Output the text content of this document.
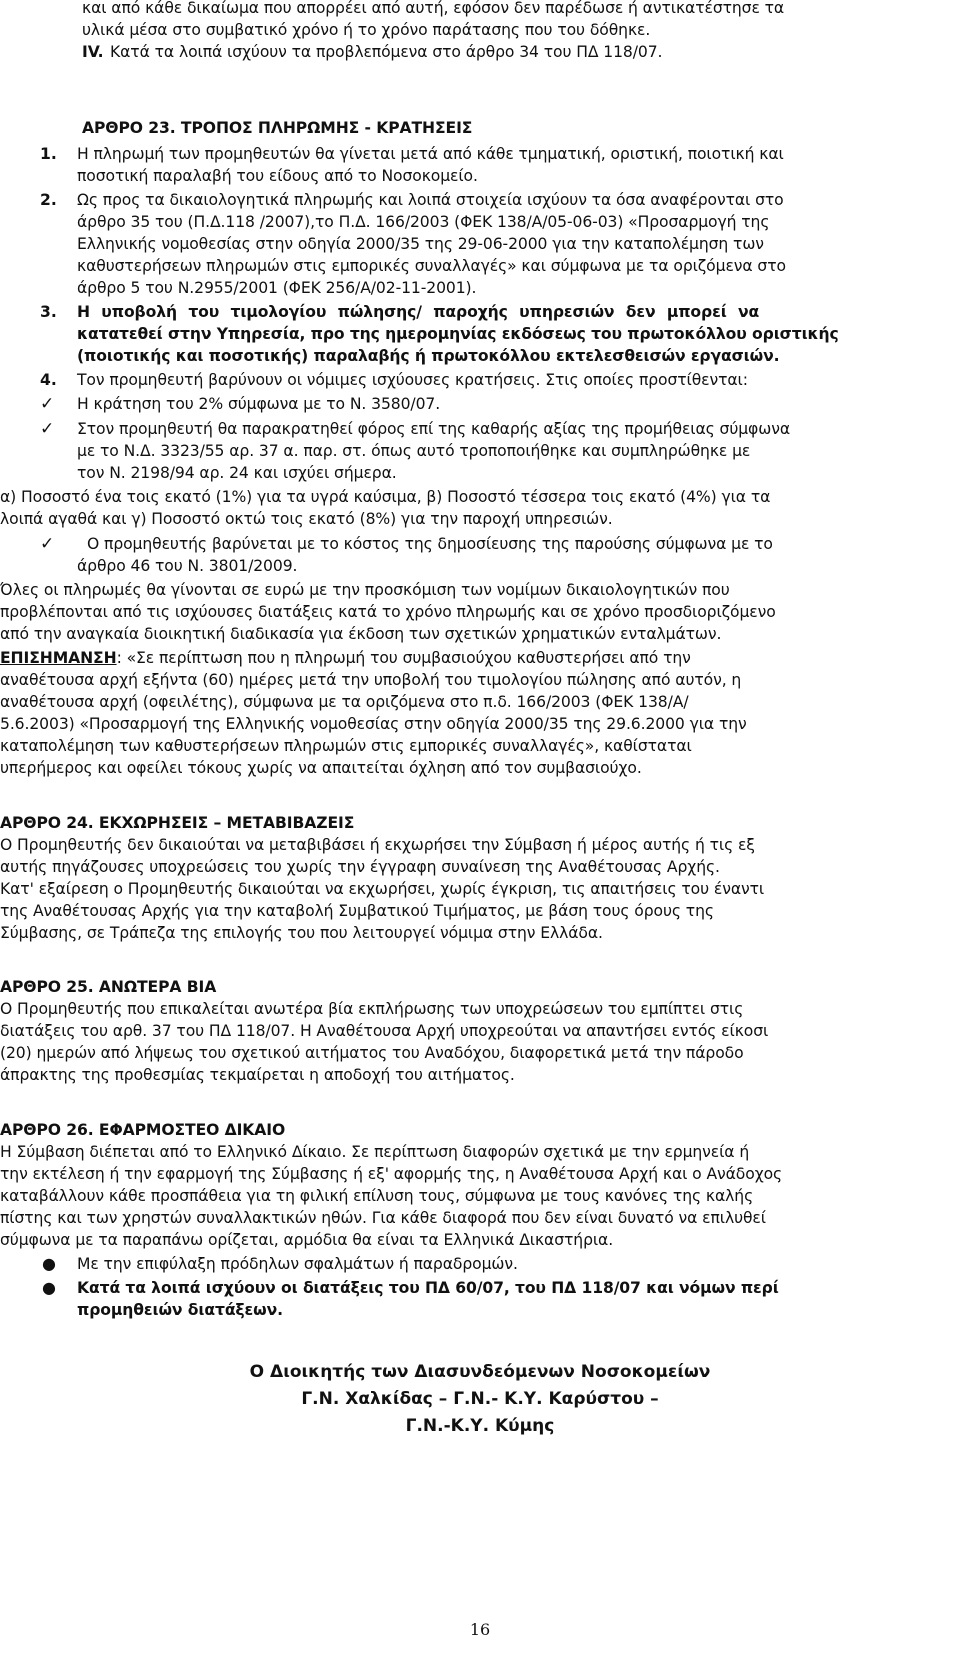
και από κάθε δικαίωμα που απορρέει από αυτή, εφόσον δεν παρέδωσε ή αντικατέστησε τα
υλικά μέσα στο συμβατικό χρόνο ή το χρόνο παράτασης που του δόθηκε.
IV. Κατά τα λοιπά ισχύουν τα προβλεπόμενα στο άρθρο 34 του ΠΔ 118/07.
ΑΡΘΡΟ 23. ΤΡΟΠΟΣ ΠΛΗΡΩΜΗΣ - ΚΡΑΤΗΣΕΙΣ
1. Η πληρωμή των προμηθευτών θα γίνεται μετά από κάθε τμηματική, οριστική, ποιοτική και
ποσοτική παραλαβή του είδους από το Νοσοκομείο.
2. Ως προς τα δικαιολογητικά πληρωμής και λοιπά στοιχεία ισχύουν τα όσα αναφέρονται στο
άρθρο 35 του (Π.Δ.118 /2007),το Π.Δ. 166/2003 (ΦΕΚ 138/Α/05-06-03) «Προσαρμογή της
Ελληνικής νομοθεσίας στην οδηγία 2000/35 της 29-06-2000 για την καταπολέμηση των
καθυστερήσεων πληρωμών στις εμπορικές συναλλαγές» και σύμφωνα με τα οριζόμενα στο
άρθρο 5 του Ν.2955/2001 (ΦΕΚ 256/Α/02-11-2001).
3. Η υποβολή του τιμολογίου πώλησης/ παροχής υπηρεσιών δεν μπορεί να
κατατεθεί στην Υπηρεσία, προ της ημερομηνίας εκδόσεως του πρωτοκόλλου οριστικής
(ποιοτικής και ποσοτικής) παραλαβής ή πρωτοκόλλου εκτελεσθεισών εργασιών.
4. Τον προμηθευτή βαρύνουν οι νόμιμες ισχύουσες κρατήσεις. Στις οποίες προστίθενται:
✓ Η κράτηση του 2% σύμφωνα με το Ν. 3580/07.
✓ Στον προμηθευτή θα παρακρατηθεί φόρος επί της καθαρής αξίας της προμήθειας σύμφωνα
με το Ν.Δ. 3323/55 αρ. 37 α. παρ. στ. όπως αυτό τροποποιήθηκε και συμπληρώθηκε με
τον Ν. 2198/94 αρ. 24 και ισχύει σήμερα.
α) Ποσοστό ένα τοις εκατό (1%) για τα υγρά καύσιμα, β) Ποσοστό τέσσερα τοις εκατό (4%) για τα
λοιπά αγαθά και γ) Ποσοστό οκτώ τοις εκατό (8%) για την παροχή υπηρεσιών.
✓ Ο προμηθευτής βαρύνεται με το κόστος της δημοσίευσης της παρούσης σύμφωνα με το
άρθρο 46 του Ν. 3801/2009.
Όλες οι πληρωμές θα γίνονται σε ευρώ με την προσκόμιση των νομίμων δικαιολογητικών που
προβλέπονται από τις ισχύουσες διατάξεις κατά το χρόνο πληρωμής και σε χρόνο προσδιοριζόμενο
από την αναγκαία διοικητική διαδικασία για έκδοση των σχετικών χρηματικών ενταλμάτων.
ΕΠΙΣΗΜΑΝΣΗ: «Σε περίπτωση που η πληρωμή του συμβασιούχου καθυστερήσει από την
αναθέτουσα αρχή εξήντα (60) ημέρες μετά την υποβολή του τιμολογίου πώλησης από αυτόν, η
αναθέτουσα αρχή (οφειλέτης), σύμφωνα με τα οριζόμενα στο π.δ. 166/2003 (ΦΕΚ 138/Α/
5.6.2003) «Προσαρμογή της Ελληνικής νομοθεσίας στην οδηγία 2000/35 της 29.6.2000 για την
καταπολέμηση των καθυστερήσεων πληρωμών στις εμπορικές συναλλαγές», καθίσταται
υπερήμερος και οφείλει τόκους χωρίς να απαιτείται όχληση από τον συμβασιούχο.
ΑΡΘΡΟ 24. ΕΚΧΩΡΗΣΕΙΣ – ΜΕΤΑΒΙΒΑΖΕΙΣ
Ο Προμηθευτής δεν δικαιούται να μεταβιβάσει ή εκχωρήσει την Σύμβαση ή μέρος αυτής ή τις εξ
αυτής πηγάζουσες υποχρεώσεις του χωρίς την έγγραφη συναίνεση της Αναθέτουσας Αρχής.
Κατ' εξαίρεση ο Προμηθευτής δικαιούται να εκχωρήσει, χωρίς έγκριση, τις απαιτήσεις του έναντι
της Αναθέτουσας Αρχής για την καταβολή Συμβατικού Τιμήματος, με βάση τους όρους της
Σύμβασης, σε Τράπεζα της επιλογής του που λειτουργεί νόμιμα στην Ελλάδα.
ΑΡΘΡΟ 25. ΑΝΩΤΕΡΑ ΒΙΑ
Ο Προμηθευτής που επικαλείται ανωτέρα βία εκπλήρωσης των υποχρεώσεων του εμπίπτει στις
διατάξεις του αρθ. 37 του ΠΔ 118/07. Η Αναθέτουσα Αρχή υποχρεούται να απαντήσει εντός είκοσι
(20) ημερών από λήψεως του σχετικού αιτήματος του Αναδόχου, διαφορετικά μετά την πάροδο
άπρακτης της προθεσμίας τεκμαίρεται η αποδοχή του αιτήματος.
ΑΡΘΡΟ 26. ΕΦΑΡΜΟΣΤΕΟ ΔΙΚΑΙΟ
Η Σύμβαση διέπεται από το Ελληνικό Δίκαιο. Σε περίπτωση διαφορών σχετικά με την ερμηνεία ή
την εκτέλεση ή την εφαρμογή της Σύμβασης ή εξ' αφορμής της, η Αναθέτουσα Αρχή και ο Ανάδοχος
καταβάλλουν κάθε προσπάθεια για τη φιλική επίλυση τους, σύμφωνα με τους κανόνες της καλής
πίστης και των χρηστών συναλλακτικών ηθών. Για κάθε διαφορά που δεν είναι δυνατό να επιλυθεί
σύμφωνα με τα παραπάνω ορίζεται, αρμόδια θα είναι τα Ελληνικά Δικαστήρια.
● Με την επιφύλαξη πρόδηλων σφαλμάτων ή παραδρομών.
● Κατά τα λοιπά ισχύουν οι διατάξεις του ΠΔ 60/07, του ΠΔ 118/07 και νόμων περί
προμηθειών διατάξεων.
Ο Διοικητής των Διασυνδεόμενων Νοσοκομείων
Γ.Ν. Χαλκίδας – Γ.Ν.- Κ.Υ. Καρύστου –
Γ.Ν.-Κ.Υ. Κύμης
16
